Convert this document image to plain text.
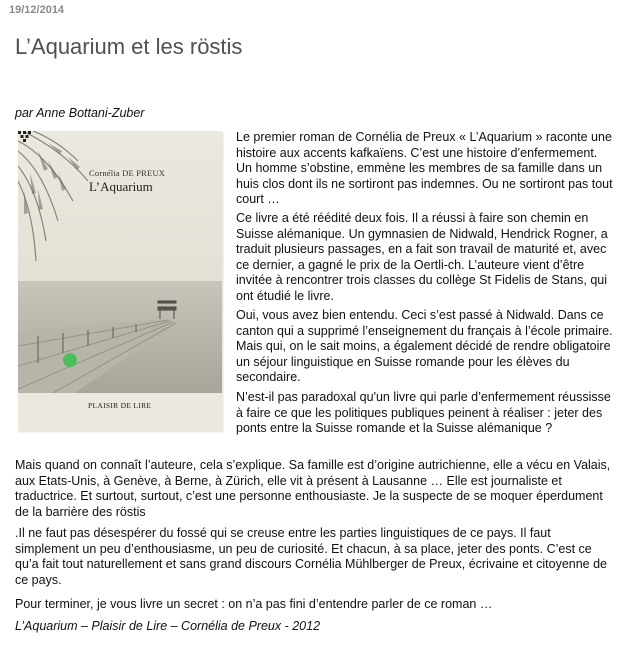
19/12/2014
L’Aquarium et les röstis
par Anne Bottani-Zuber
Cornélia DE PREUX
L’Aquarium
PLAISIR DE LIRE

Le premier roman de Cornélia de Preux « L’Aquarium » raconte une histoire aux accents kafkaïens. C’est une histoire d’enfermement. Un homme s’obstine, emmène les membres de sa famille dans un huis clos dont ils ne sortiront pas indemnes. Ou ne sortiront pas tout court …

Ce livre a été réédité deux fois. Il a réussi à faire son chemin en Suisse alémanique. Un gymnasien de Nidwald, Hendrick Rogner, a traduit plusieurs passages, en a fait son travail de maturité et, avec ce dernier, a gagné le prix de la Oertli-ch. L’auteure vient d’être invitée à rencontrer trois classes du collège St Fidelis de Stans, qui ont étudié le livre.

Oui, vous avez bien entendu. Ceci s’est passé à Nidwald. Dans ce canton qui a supprimé l’enseignement du français à l’école primaire. Mais qui, on le sait moins, a également décidé de rendre obligatoire un séjour linguistique en Suisse romande pour les élèves du secondaire.

N’est-il pas paradoxal qu'un livre qui parle d’enfermement réussisse à faire ce que les politiques publiques peinent à réaliser : jeter des ponts entre la Suisse romande et la Suisse alémanique ?

Mais quand on connaît l’auteure, cela s’explique. Sa famille est d’origine autrichienne, elle a vécu en Valais, aux Etats-Unis, à Genève, à Berne, à Zürich, elle vit à présent à Lausanne … Elle est journaliste et traductrice. Et surtout, surtout, c’est une personne enthousiaste. Je la suspecte de se moquer éperdument de la barrière des röstis

.Il ne faut pas désespérer du fossé qui se creuse entre les parties linguistiques de ce pays. Il faut simplement un peu d’enthousiasme, un peu de curiosité. Et chacun, à sa place, jeter des ponts. C’est ce qu’a fait tout naturellement et sans grand discours Cornélia Mühlberger de Preux, écrivaine et citoyenne de ce pays.

Pour terminer, je vous livre un secret : on n’a pas fini d’entendre parler de ce roman …

L’Aquarium – Plaisir de Lire – Cornélia de Preux - 2012
